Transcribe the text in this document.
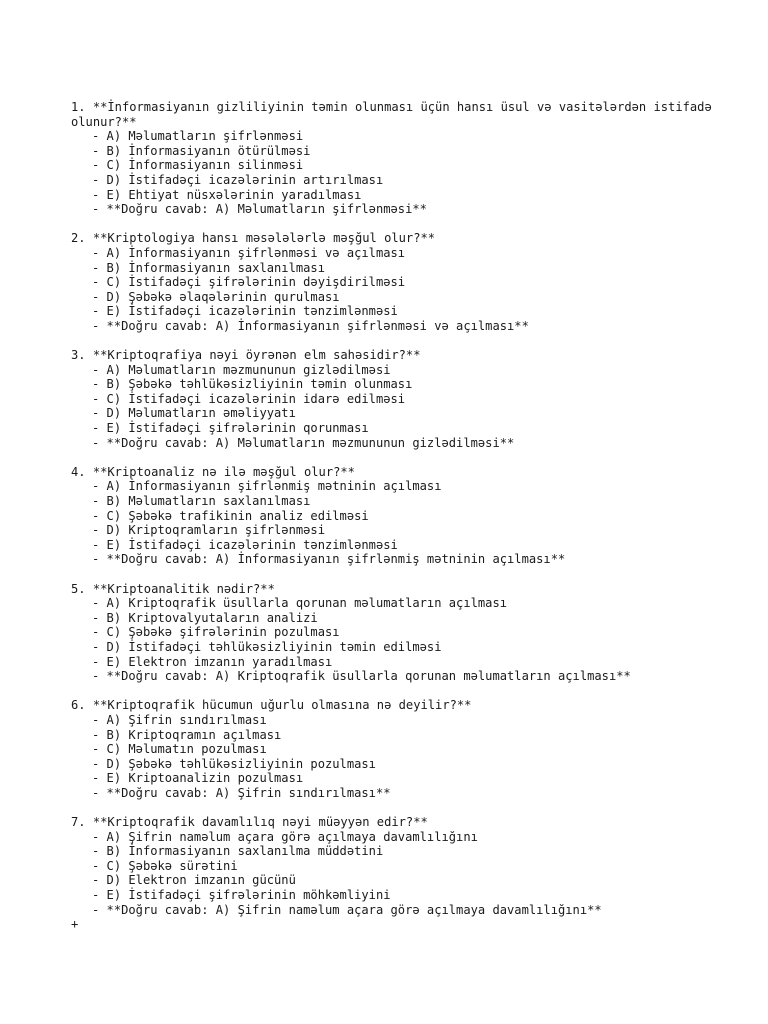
1. **İnformasiyanın gizliliyinin təmin olunması üçün hansı üsul və vasitələrdən istifadə olunur?**
- A) Məlumatların şifrlənməsi
- B) İnformasiyanın ötürülməsi
- C) İnformasiyanın silinməsi
- D) İstifadəçi icazələrinin artırılması
- E) Ehtiyat nüsxələrinin yaradılması
- **Doğru cavab: A) Məlumatların şifrlənməsi**
2. **Kriptologiya hansı məsələlərlə məşğul olur?**
- A) İnformasiyanın şifrlənməsi və açılması
- B) İnformasiyanın saxlanılması
- C) İstifadəçi şifrələrinin dəyişdirilməsi
- D) Şəbəkə əlaqələrinin qurulması
- E) İstifadəçi icazələrinin tənzimlənməsi
- **Doğru cavab: A) İnformasiyanın şifrlənməsi və açılması**
3. **Kriptoqrafiya nəyi öyrənən elm sahəsidir?**
- A) Məlumatların məzmununun gizlədilməsi
- B) Şəbəkə təhlükəsizliyinin təmin olunması
- C) İstifadəçi icazələrinin idarə edilməsi
- D) Məlumatların əməliyyatı
- E) İstifadəçi şifrələrinin qorunması
- **Doğru cavab: A) Məlumatların məzmununun gizlədilməsi**
4. **Kriptoanaliz nə ilə məşğul olur?**
- A) İnformasiyanın şifrlənmiş mətninin açılması
- B) Məlumatların saxlanılması
- C) Şəbəkə trafikinin analiz edilməsi
- D) Kriptoqramların şifrlənməsi
- E) İstifadəçi icazələrinin tənzimlənməsi
- **Doğru cavab: A) İnformasiyanın şifrlənmiş mətninin açılması**
5. **Kriptoanalitik nədir?**
- A) Kriptoqrafik üsullarla qorunan məlumatların açılması
- B) Kriptovalyutaların analizi
- C) Şəbəkə şifrələrinin pozulması
- D) İstifadəçi təhlükəsizliyinin təmin edilməsi
- E) Elektron imzanın yaradılması
- **Doğru cavab: A) Kriptoqrafik üsullarla qorunan məlumatların açılması**
6. **Kriptoqrafik hücumun uğurlu olmasına nə deyilir?**
- A) Şifrin sındırılması
- B) Kriptoqramın açılması
- C) Məlumatın pozulması
- D) Şəbəkə təhlükəsizliyinin pozulması
- E) Kriptoanalizin pozulması
- **Doğru cavab: A) Şifrin sındırılması**
7. **Kriptoqrafik davamlılıq nəyi müəyyən edir?**
- A) Şifrin naməlum açara görə açılmaya davamlılığını
- B) İnformasiyanın saxlanılma müddətini
- C) Şəbəkə sürətini
- D) Elektron imzanın gücünü
- E) İstifadəçi şifrələrinin möhkəmliyini
- **Doğru cavab: A) Şifrin naməlum açara görə açılmaya davamlılığını**
+
